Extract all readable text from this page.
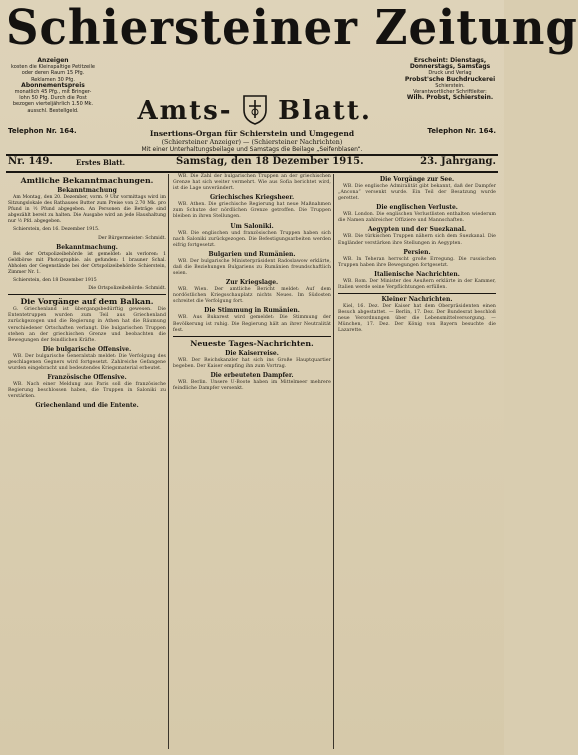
Schiersteiner Zeitung
Anzeigen
kosten die Kleinspaltige Petitzeile
oder deren Raum 15 Pfg.
Reklamen 30 Pfg.
Abonnementspreis
monatlich 45 Pfg., mit Bringer-
lohn 50 Pfg. Durch die Post
bezogen vierteljährlich 1.50 Mk.
ausschl. Bestellgeld.
Erscheint: Dienstags,
Donnerstags, Samstags
Druck und Verlag
Probst'sche Buchdruckerei
Schierstein.
Verantwortlicher Schriftleiter:
Wilh. Probst, Schierstein.
Amts-	Blatt.
Telephon Nr. 164.	Telephon Nr. 164.
Insertions-Organ für Schierstein und Umgegend
(Schiersteiner Anzeiger) — (Schiersteiner Nachrichten)
Mit einer Unterhaltungsbeilage und Samstags die Beilage „Seifenblasen“.
Nr. 149.	Erstes Blatt.	Samstag, den 18 Dezember 1915.	23. Jahrgang.
Amtliche Bekanntmachungen.
Bekanntmachung

Am Montag, den 20. Dezember, vorm. 9 Uhr vormittags wird im Sitzungslokale des Rathauses Butter zum Preise von 2.70 Mk. pro Pfund in ½ Pfund abgegeben. An Personen die Beträge sind abgezählt bereit zu halten. Die Ausgabe wird an jede Haushaltung nur ½ Pfd. abgegeben.

Schierstein, den 16. Dezember 1915.

Der Bürgermeister: Schmidt.

Bekanntmachung.

Bei der Ortspolizeibehörde ist gemeldet: als verloren: 1 Geldbörse mit Photographie. als gefunden: 1 brauner Schal. Abholen der Gegenstände bei der Ortspolizeibehörde Schierstein, Zimmer Nr. 1.

Schierstein, den 18 Dezember 1915

Die Ortspolizeibehörde: Schmidt.

Die Vorgänge auf dem Balkan.

G. Griechenland ist übergangsbedürftig gewesen. Die Ententetruppen wurden zum Teil aus Griechenland zurückgezogen und die Regierung in Athen hat die Räumung verschiedener Ortschaften verlangt. Die bulgarischen Truppen stehen an der griechischen Grenze und beobachten die Bewegungen der feindlichen Kräfte.

Die bulgarische Offensive.

WB. Der bulgarische Generalstab meldet: Die Verfolgung des geschlagenen Gegners wird fortgesetzt. Zahlreiche Gefangene wurden eingebracht und bedeutendes Kriegsmaterial erbeutet.

Französische Offensive.

WB. Nach einer Meldung aus Paris soll die französische Regierung beschlossen haben, die Truppen in Saloniki zu verstärken.

Griechenland und die Entente.

WB. Die Zahl der bulgarischen Truppen an der griechischen Grenze hat sich weiter vermehrt. Wie aus Sofia berichtet wird, ist die Lage unverändert.

Griechisches Kriegsheer.

WB. Athen. Die griechische Regierung hat neue Maßnahmen zum Schutze der nördlichen Grenze getroffen. Die Truppen bleiben in ihren Stellungen.

Um Saloniki.

WB. Die englischen und französischen Truppen haben sich nach Saloniki zurückgezogen. Die Befestigungsarbeiten werden eifrig fortgesetzt.

Bulgarien und Rumänien.

WB. Der bulgarische Ministerpräsident Radoslawow erklärte, daß die Beziehungen Bulgariens zu Rumänien freundschaftlich seien.

Zur Kriegslage.

WB. Wien. Der amtliche Bericht meldet: Auf dem nordöstlichen Kriegsschauplatz nichts Neues. Im Südosten schreitet die Verfolgung fort.

Die Stimmung in Rumänien.

WB. Aus Bukarest wird gemeldet: Die Stimmung der Bevölkerung ist ruhig. Die Regierung hält an ihrer Neutralität fest.

Neueste Tages-Nachrichten.
Die Kaiserreise.

WB. Der Reichskanzler hat sich ins Große Hauptquartier begeben. Der Kaiser empfing ihn zum Vortrag.

Die erbeuteten Dampfer.

WB. Berlin. Unsere U-Boote haben im Mittelmeer mehrere feindliche Dampfer versenkt.

Die Vorgänge zur See.

WB. Die englische Admiralität gibt bekannt, daß der Dampfer „Ancona“ versenkt wurde. Ein Teil der Besatzung wurde gerettet.

Die englischen Verluste.

WB. London. Die englischen Verlustlisten enthalten wiederum die Namen zahlreicher Offiziere und Mannschaften.

Aegypten und der Suezkanal.

WB. Die türkischen Truppen nähern sich dem Suezkanal. Die Engländer verstärken ihre Stellungen in Aegypten.

Persien.

WB. In Teheran herrscht große Erregung. Die russischen Truppen haben ihre Bewegungen fortgesetzt.

Italienische Nachrichten.

WB. Rom. Der Minister des Aeußern erklärte in der Kammer, Italien werde seine Verpflichtungen erfüllen.

Kleiner Nachrichten.

Kiel, 16. Dez. Der Kaiser hat dem Oberpräsidenten einen Besuch abgestattet. — Berlin, 17. Dez. Der Bundesrat beschloß neue Verordnungen über die Lebensmittelversorgung. — München, 17. Dez. Der König von Bayern besuchte die Lazarette.
